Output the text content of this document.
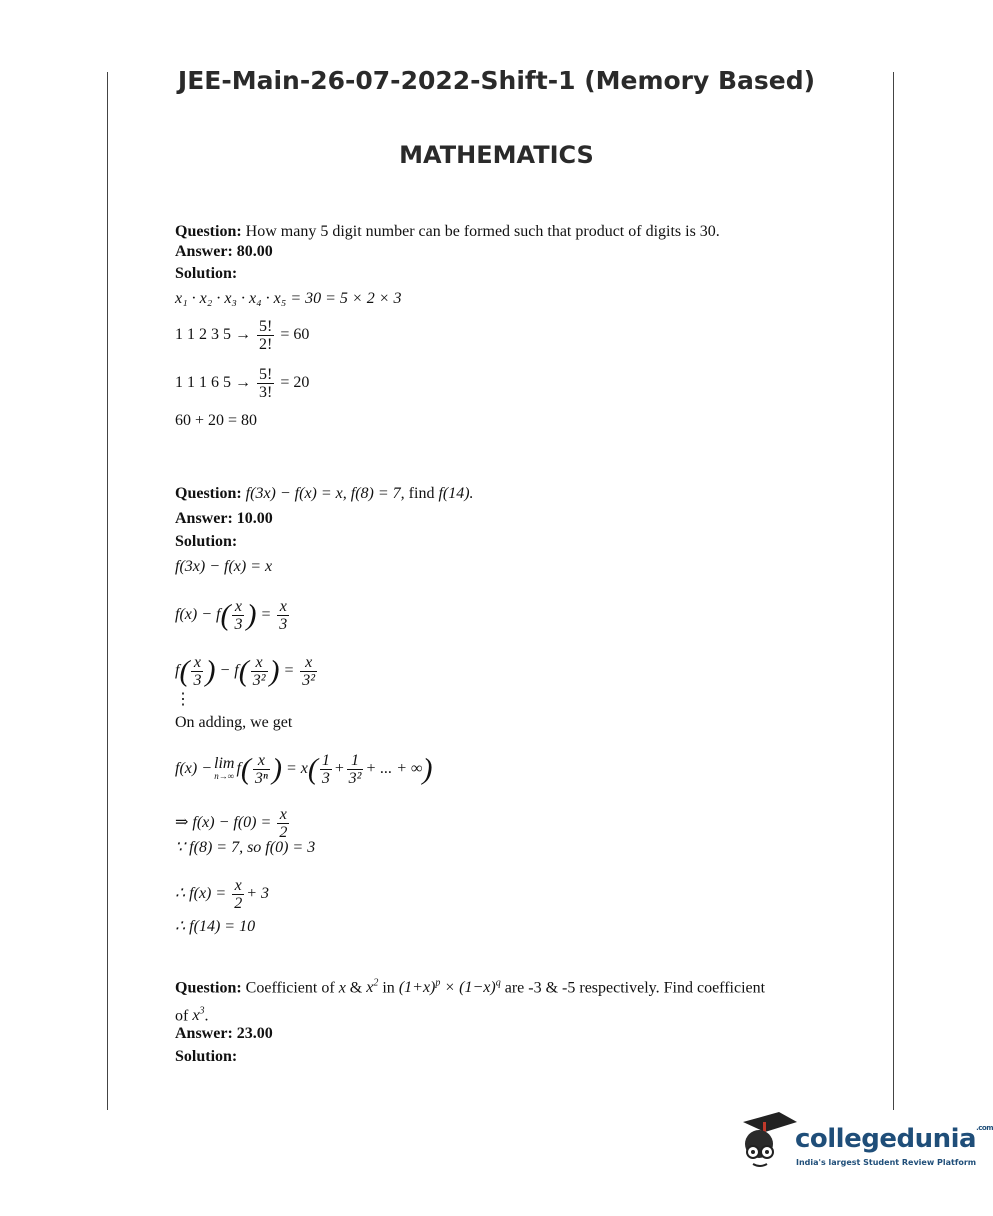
JEE-Main-26-07-2022-Shift-1 (Memory Based)
MATHEMATICS
Question: How many 5 digit number can be formed such that product of digits is 30.
Answer: 80.00
Solution:
x₁ · x₂ · x₃ · x₄ · x₅ = 30 = 5 × 2 × 3
1 1 2 3 $5 \to \frac{5!}{2!} = 60$
1 1 1 6 $5 \to \frac{5!}{3!} = 20$
60 + 20 = 80
Question: f(3x) − f(x) = x, f(8) = 7, find f(14).
Answer: 10.00
Solution:
f(3x) − f(x) = x
$f(x) - f( \frac{x}{3}$ ) = $\frac{x}{3}$
$f( \frac{x}{3}$ ) − $f( \frac{x}{\text{3²}}$ ) = $\frac{x}{\text{3²}}$
⋮
On adding, we get
f(x) − lim
n→∞ $f( \frac{x}{\text{3ⁿ}}$ ) = $x( \frac{1}{3} + \frac{1}{\text{3²}}$ + ... + ∞)
⇒ $f(x) - f(0) = \frac{x}{2}$
∵ f(8) = 7, so f(0) = 3
∴ $f(x) = \frac{x}{2} + 3$
∴ f(14) = 10
Question: Coefficient of x & $x^2$ in $(1+x)^p \times (1-x)^q$ are -3 & -5 respectively. Find coefficient
of $x^3$.
Answer: 23.00
Solution:
collegedunia$^{.com}$
India's largest Student Review Platform
